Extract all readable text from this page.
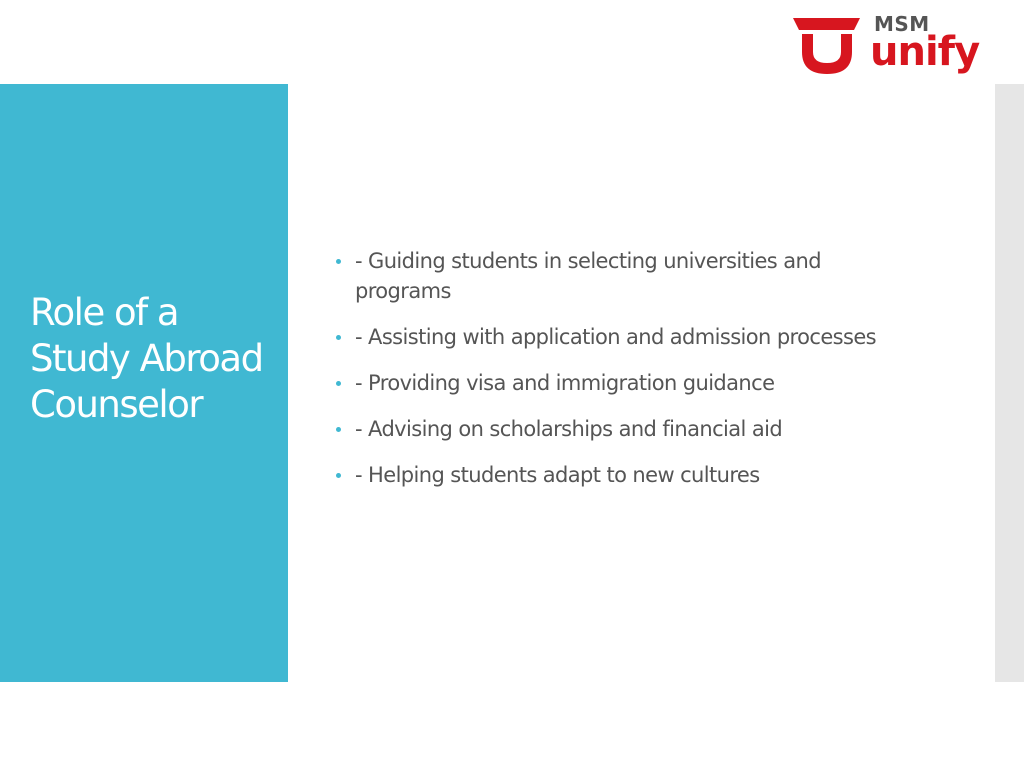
MSM
unify
Role of a Study Abroad Counselor
- Guiding students in selecting universities and programs
- Assisting with application and admission processes
- Providing visa and immigration guidance
- Advising on scholarships and financial aid
- Helping students adapt to new cultures
